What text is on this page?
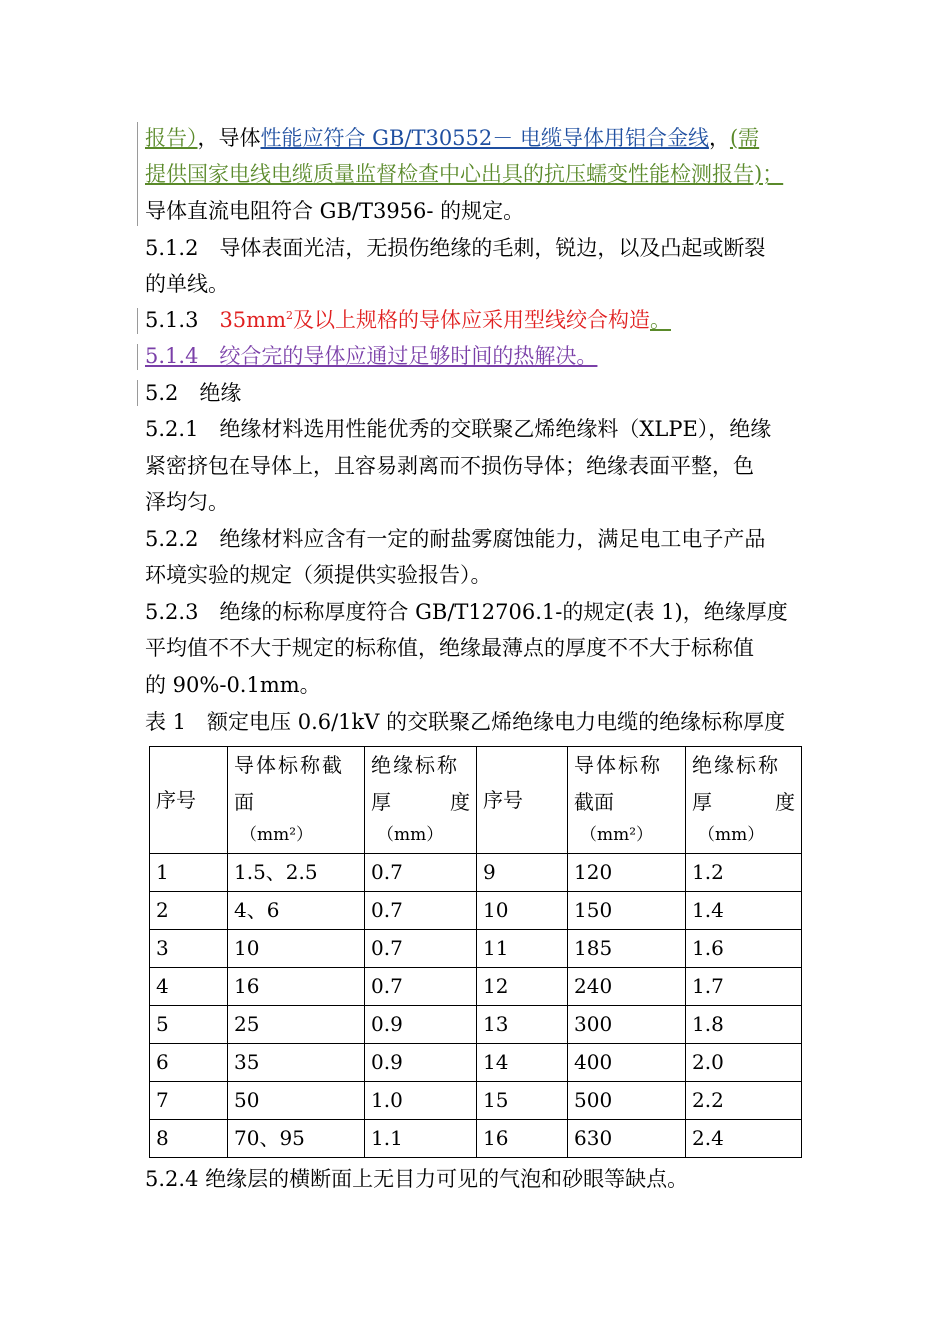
报告），导体性能应符合 GB/T30552－ 电缆导体用铝合金线，(需
提供国家电线电缆质量监督检查中心出具的抗压蠕变性能检测报告)；
导体直流电阻符合 GB/T3956- 的规定。
5.1.2　导体表面光洁，无损伤绝缘的毛刺，锐边，以及凸起或断裂
的单线。
5.1.3　$35mm^2$及以上规格的导体应采用型线绞合构造。
5.1.4　绞合完的导体应通过足够时间的热解决。
5.2　绝缘
5.2.1　绝缘材料选用性能优秀的交联聚乙烯绝缘料（XLPE），绝缘
紧密挤包在导体上，且容易剥离而不损伤导体；绝缘表面平整，色
泽均匀。
5.2.2　绝缘材料应含有一定的耐盐雾腐蚀能力，满足电工电子产品
环境实验的规定（须提供实验报告）。
5.2.3　绝缘的标称厚度符合 GB/T12706.1-的规定(表 1)，绝缘厚度
平均值不不大于规定的标称值，绝缘最薄点的厚度不不大于标称值
的 90%-0.1mm。
表 1　额定电压 0.6/1kV 的交联聚乙烯绝缘电力电缆的绝缘标称厚度
序号	导体标称截
面
（mm²）	绝缘标称
厚 度
（mm）	序号	导体标称
截面
（mm²）	绝缘标称
厚 度
（mm）

1	1.5、2.5	0.7	9	120	1.2
2	4、6	0.7	10	150	1.4
3	10	0.7	11	185	1.6
4	16	0.7	12	240	1.7
5	25	0.9	13	300	1.8
6	35	0.9	14	400	2.0
7	50	1.0	15	500	2.2
8	70、95	1.1	16	630	2.4
5.2.4 绝缘层的横断面上无目力可见的气泡和砂眼等缺点。
